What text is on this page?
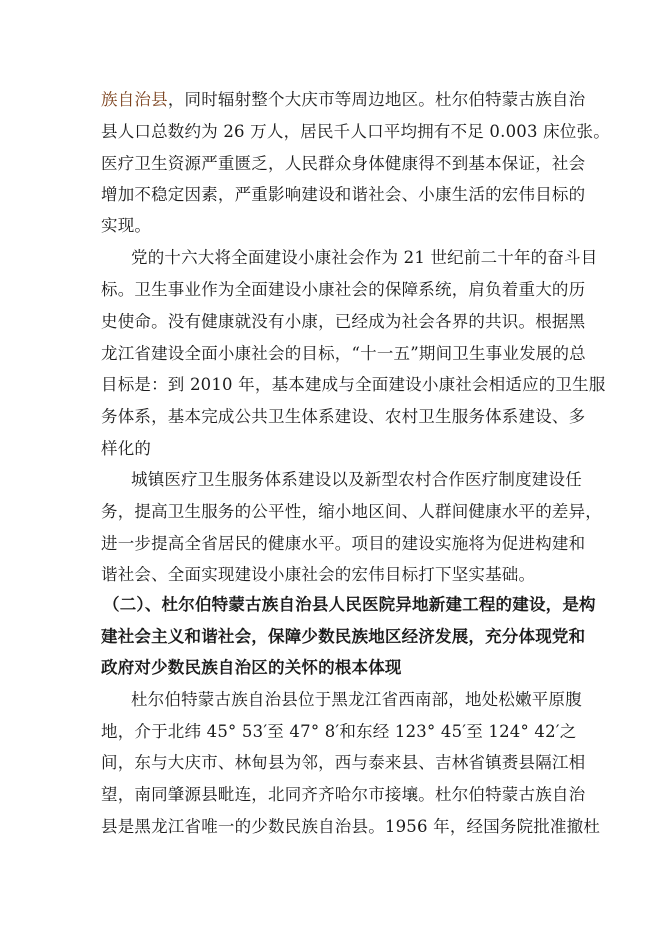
族自治县，同时辐射整个大庆市等周边地区。杜尔伯特蒙古族自治
县人口总数约为 26 万人，居民千人口平均拥有不足 0.003 床位张。
医疗卫生资源严重匮乏，人民群众身体健康得不到基本保证，社会
增加不稳定因素，严重影响建设和谐社会、小康生活的宏伟目标的
实现。
党的十六大将全面建设小康社会作为 21 世纪前二十年的奋斗目
标。卫生事业作为全面建设小康社会的保障系统，肩负着重大的历
史使命。没有健康就没有小康，已经成为社会各界的共识。根据黑
龙江省建设全面小康社会的目标，“十一五”期间卫生事业发展的总
目标是：到 2010 年，基本建成与全面建设小康社会相适应的卫生服
务体系，基本完成公共卫生体系建设、农村卫生服务体系建设、多
样化的
城镇医疗卫生服务体系建设以及新型农村合作医疗制度建设任
务，提高卫生服务的公平性，缩小地区间、人群间健康水平的差异，
进一步提高全省居民的健康水平。项目的建设实施将为促进构建和
谐社会、全面实现建设小康社会的宏伟目标打下坚实基础。
（二）、杜尔伯特蒙古族自治县人民医院异地新建工程的建设，是构
建社会主义和谐社会，保障少数民族地区经济发展，充分体现党和
政府对少数民族自治区的关怀的根本体现
杜尔伯特蒙古族自治县位于黑龙江省西南部，地处松嫩平原腹
地，介于北纬 45° 53′至 47° 8′和东经 123° 45′至 124° 42′之
间，东与大庆市、林甸县为邻，西与泰来县、吉林省镇赉县隔江相
望，南同肇源县毗连，北同齐齐哈尔市接壤。杜尔伯特蒙古族自治
县是黑龙江省唯一的少数民族自治县。1956 年，经国务院批准撤杜
